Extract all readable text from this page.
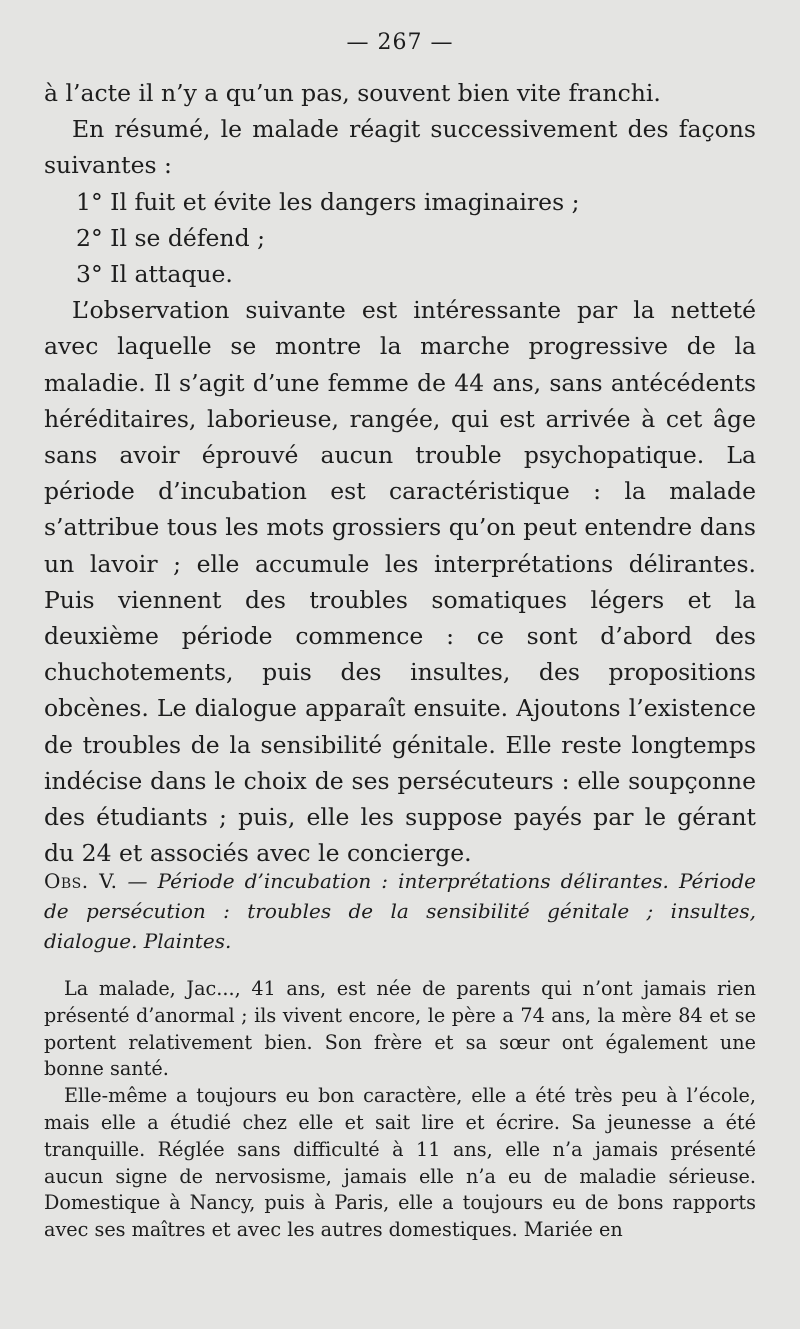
— 267 —

à l’acte il n’y a qu’un pas, souvent bien vite franchi.

En résumé, le malade réagit successivement des façons suivantes :

1° Il fuit et évite les dangers imaginaires ;

2° Il se défend ;

3° Il attaque.

L’observation suivante est intéressante par la netteté avec laquelle se montre la marche progressive de la maladie. Il s’agit d’une femme de 44 ans, sans antécédents héréditaires, laborieuse, rangée, qui est arrivée à cet âge sans avoir éprouvé aucun trouble psychopatique. La période d’incubation est caractéristique : la malade s’attribue tous les mots grossiers qu’on peut entendre dans un lavoir ; elle accumule les interprétations délirantes. Puis viennent des troubles somatiques légers et la deuxième période commence : ce sont d’abord des chuchotements, puis des insultes, des propositions obcènes. Le dialogue apparaît ensuite. Ajoutons l’existence de troubles de la sensibilité génitale. Elle reste longtemps indécise dans le choix de ses persécuteurs : elle soupçonne des étudiants ; puis, elle les suppose payés par le gérant du 24 et associés avec le concierge.

Obs. V. — Période d’incubation : interprétations délirantes. Période de persécution : troubles de la sensibilité génitale ; insultes, dialogue. Plaintes.

La malade, Jac..., 41 ans, est née de parents qui n’ont jamais rien présenté d’anormal ; ils vivent encore, le père a 74 ans, la mère 84 et se portent relativement bien. Son frère et sa sœur ont également une bonne santé.

Elle-même a toujours eu bon caractère, elle a été très peu à l’école, mais elle a étudié chez elle et sait lire et écrire. Sa jeunesse a été tranquille. Réglée sans difficulté à 11 ans, elle n’a jamais présenté aucun signe de nervosisme, jamais elle n’a eu de maladie sérieuse. Domestique à Nancy, puis à Paris, elle a toujours eu de bons rapports avec ses maîtres et avec les autres domestiques. Mariée en
